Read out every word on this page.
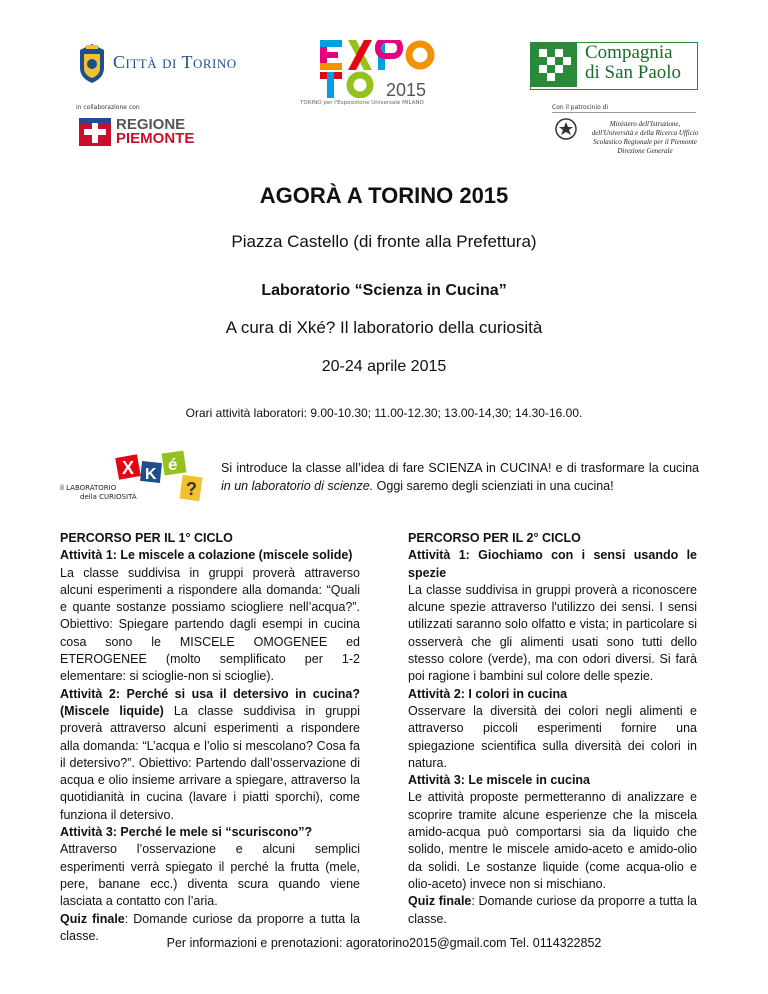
Città di Torino
in collaborazione con
REGIONE
PIEMONTE
2015
TORINO per l'Esposizione Universale MILANO
Compagnia
di San Paolo
Con il patrocinio di
Ministero dell'Istruzione, dell'Università e della Ricerca Ufficio Scolastico Regionale per il Piemonte Direzione Generale
AGORÀ A TORINO 2015
Piazza Castello (di fronte alla Prefettura)
Laboratorio “Scienza in Cucina”
A cura di Xké? Il laboratorio della curiosità
20-24 aprile 2015
Orari attività laboratori: 9.00-10.30; 11.00-12.30; 13.00-14,30; 14.30-16.00.
X K
é
?
il LABORATORIO
della CURIOSITÀ
Si introduce la classe all’idea di fare SCIENZA in CUCINA! e di trasformare la cucina in un laboratorio di scienze. Oggi saremo degli scienziati in una cucina!

PERCORSO PER IL 1° CICLO

Attività 1: Le miscele a colazione (miscele solide)

La classe suddivisa in gruppi proverà attraverso alcuni esperimenti a rispondere alla domanda: “Quali e quante sostanze possiamo sciogliere nell’acqua?”. Obiettivo: Spiegare partendo dagli esempi in cucina cosa sono le MISCELE OMOGENEE ed ETEROGENEE (molto semplificato per 1-2 elementare: si scioglie-non si scioglie).

Attività 2: Perché si usa il detersivo in cucina? (Miscele liquide) La classe suddivisa in gruppi proverà attraverso alcuni esperimenti a rispondere alla domanda: “L’acqua e l’olio si mescolano? Cosa fa il detersivo?”. Obiettivo: Partendo dall’osservazione di acqua e olio insieme arrivare a spiegare, attraverso la quotidianità in cucina (lavare i piatti sporchi), come funziona il detersivo.

Attività 3: Perché le mele si “scuriscono”?

Attraverso l’osservazione e alcuni semplici esperimenti verrà spiegato il perché la frutta (mele, pere, banane ecc.) diventa scura quando viene lasciata a contatto con l’aria.

Quiz finale: Domande curiose da proporre a tutta la classe.

PERCORSO PER IL 2° CICLO

Attività 1: Giochiamo con i sensi usando le spezie

La classe suddivisa in gruppi proverà a riconoscere alcune spezie attraverso l'utilizzo dei sensi. I sensi utilizzati saranno solo olfatto e vista; in particolare si osserverà che gli alimenti usati sono tutti dello stesso colore (verde), ma con odori diversi. Si farà poi ragione i bambini sul colore delle spezie.

Attività 2: I colori in cucina

Osservare la diversità dei colori negli alimenti e attraverso piccoli esperimenti fornire una spiegazione scientifica sulla diversità dei colori in natura.

Attività 3: Le miscele in cucina

Le attività proposte permetteranno di analizzare e scoprire tramite alcune esperienze che la miscela amido-acqua può comportarsi sia da liquido che solido, mentre le miscele amido-aceto e amido-olio da solidi. Le sostanze liquide (come acqua-olio e olio-aceto) invece non si mischiano.

Quiz finale: Domande curiose da proporre a tutta la classe.

Per informazioni e prenotazioni: agoratorino2015@gmail.com Tel. 0114322852
